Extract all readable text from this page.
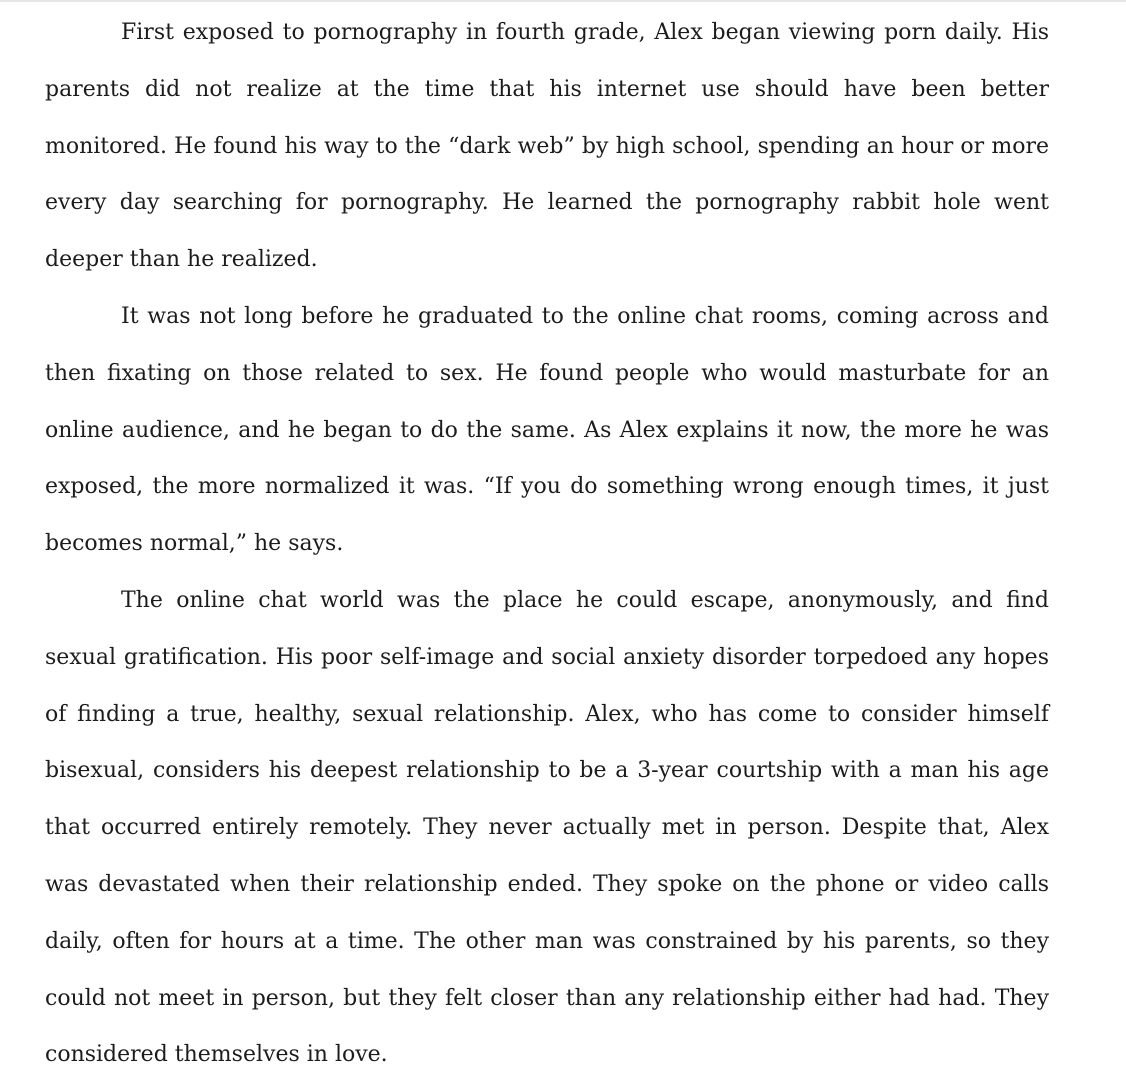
First exposed to pornography in fourth grade, Alex began viewing porn daily. His parents did not realize at the time that his internet use should have been better monitored. He found his way to the “dark web” by high school, spending an hour or more every day searching for pornography. He learned the pornography rabbit hole went deeper than he realized.

It was not long before he graduated to the online chat rooms, coming across and then fixating on those related to sex. He found people who would masturbate for an online audience, and he began to do the same. As Alex explains it now, the more he was exposed, the more normalized it was. “If you do something wrong enough times, it just becomes normal,” he says.

The online chat world was the place he could escape, anonymously, and find sexual gratification. His poor self-image and social anxiety disorder torpedoed any hopes of finding a true, healthy, sexual relationship. Alex, who has come to consider himself bisexual, considers his deepest relationship to be a 3-year courtship with a man his age that occurred entirely remotely. They never actually met in person. Despite that, Alex was devastated when their relationship ended. They spoke on the phone or video calls daily, often for hours at a time. The other man was constrained by his parents, so they could not meet in person, but they felt closer than any relationship either had had. They considered themselves in love.
